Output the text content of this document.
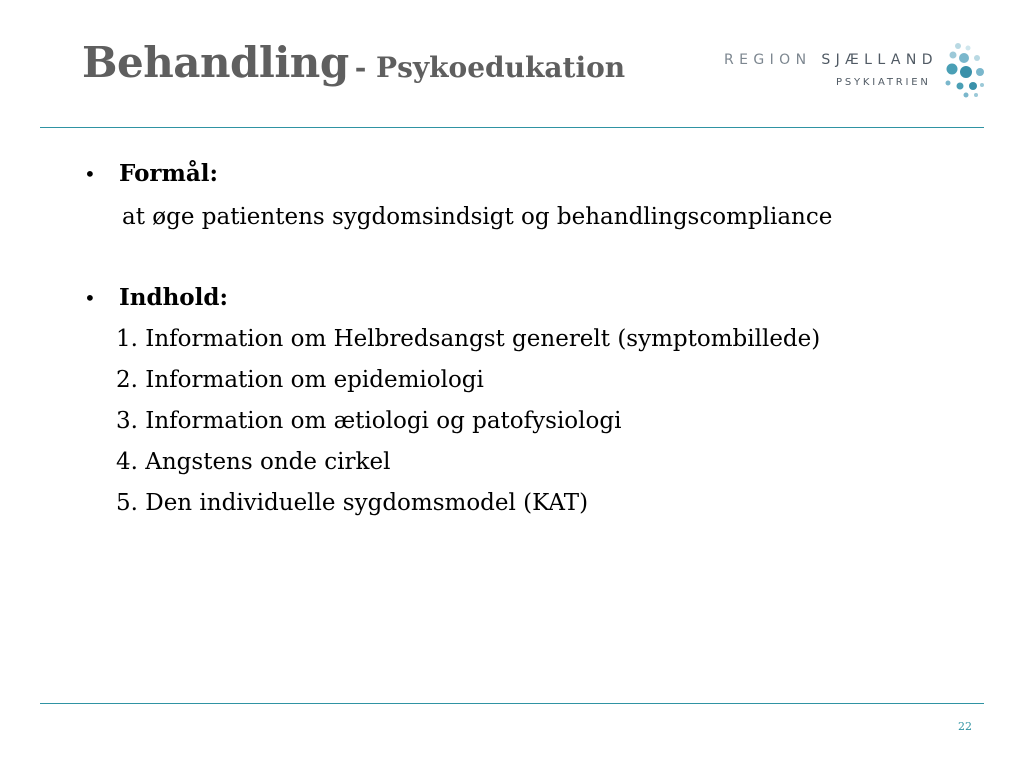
Behandling - Psykoedukation	REGION SJÆLLAND
PSYKIATRIEN
• Formål:
at øge patientens sygdomsindsigt og behandlingscompliance
• Indhold:
1. Information om Helbredsangst generelt (symptombillede)
2. Information om epidemiologi
3. Information om ætiologi og patofysiologi
4. Angstens onde cirkel
5. Den individuelle sygdomsmodel (KAT)
22
